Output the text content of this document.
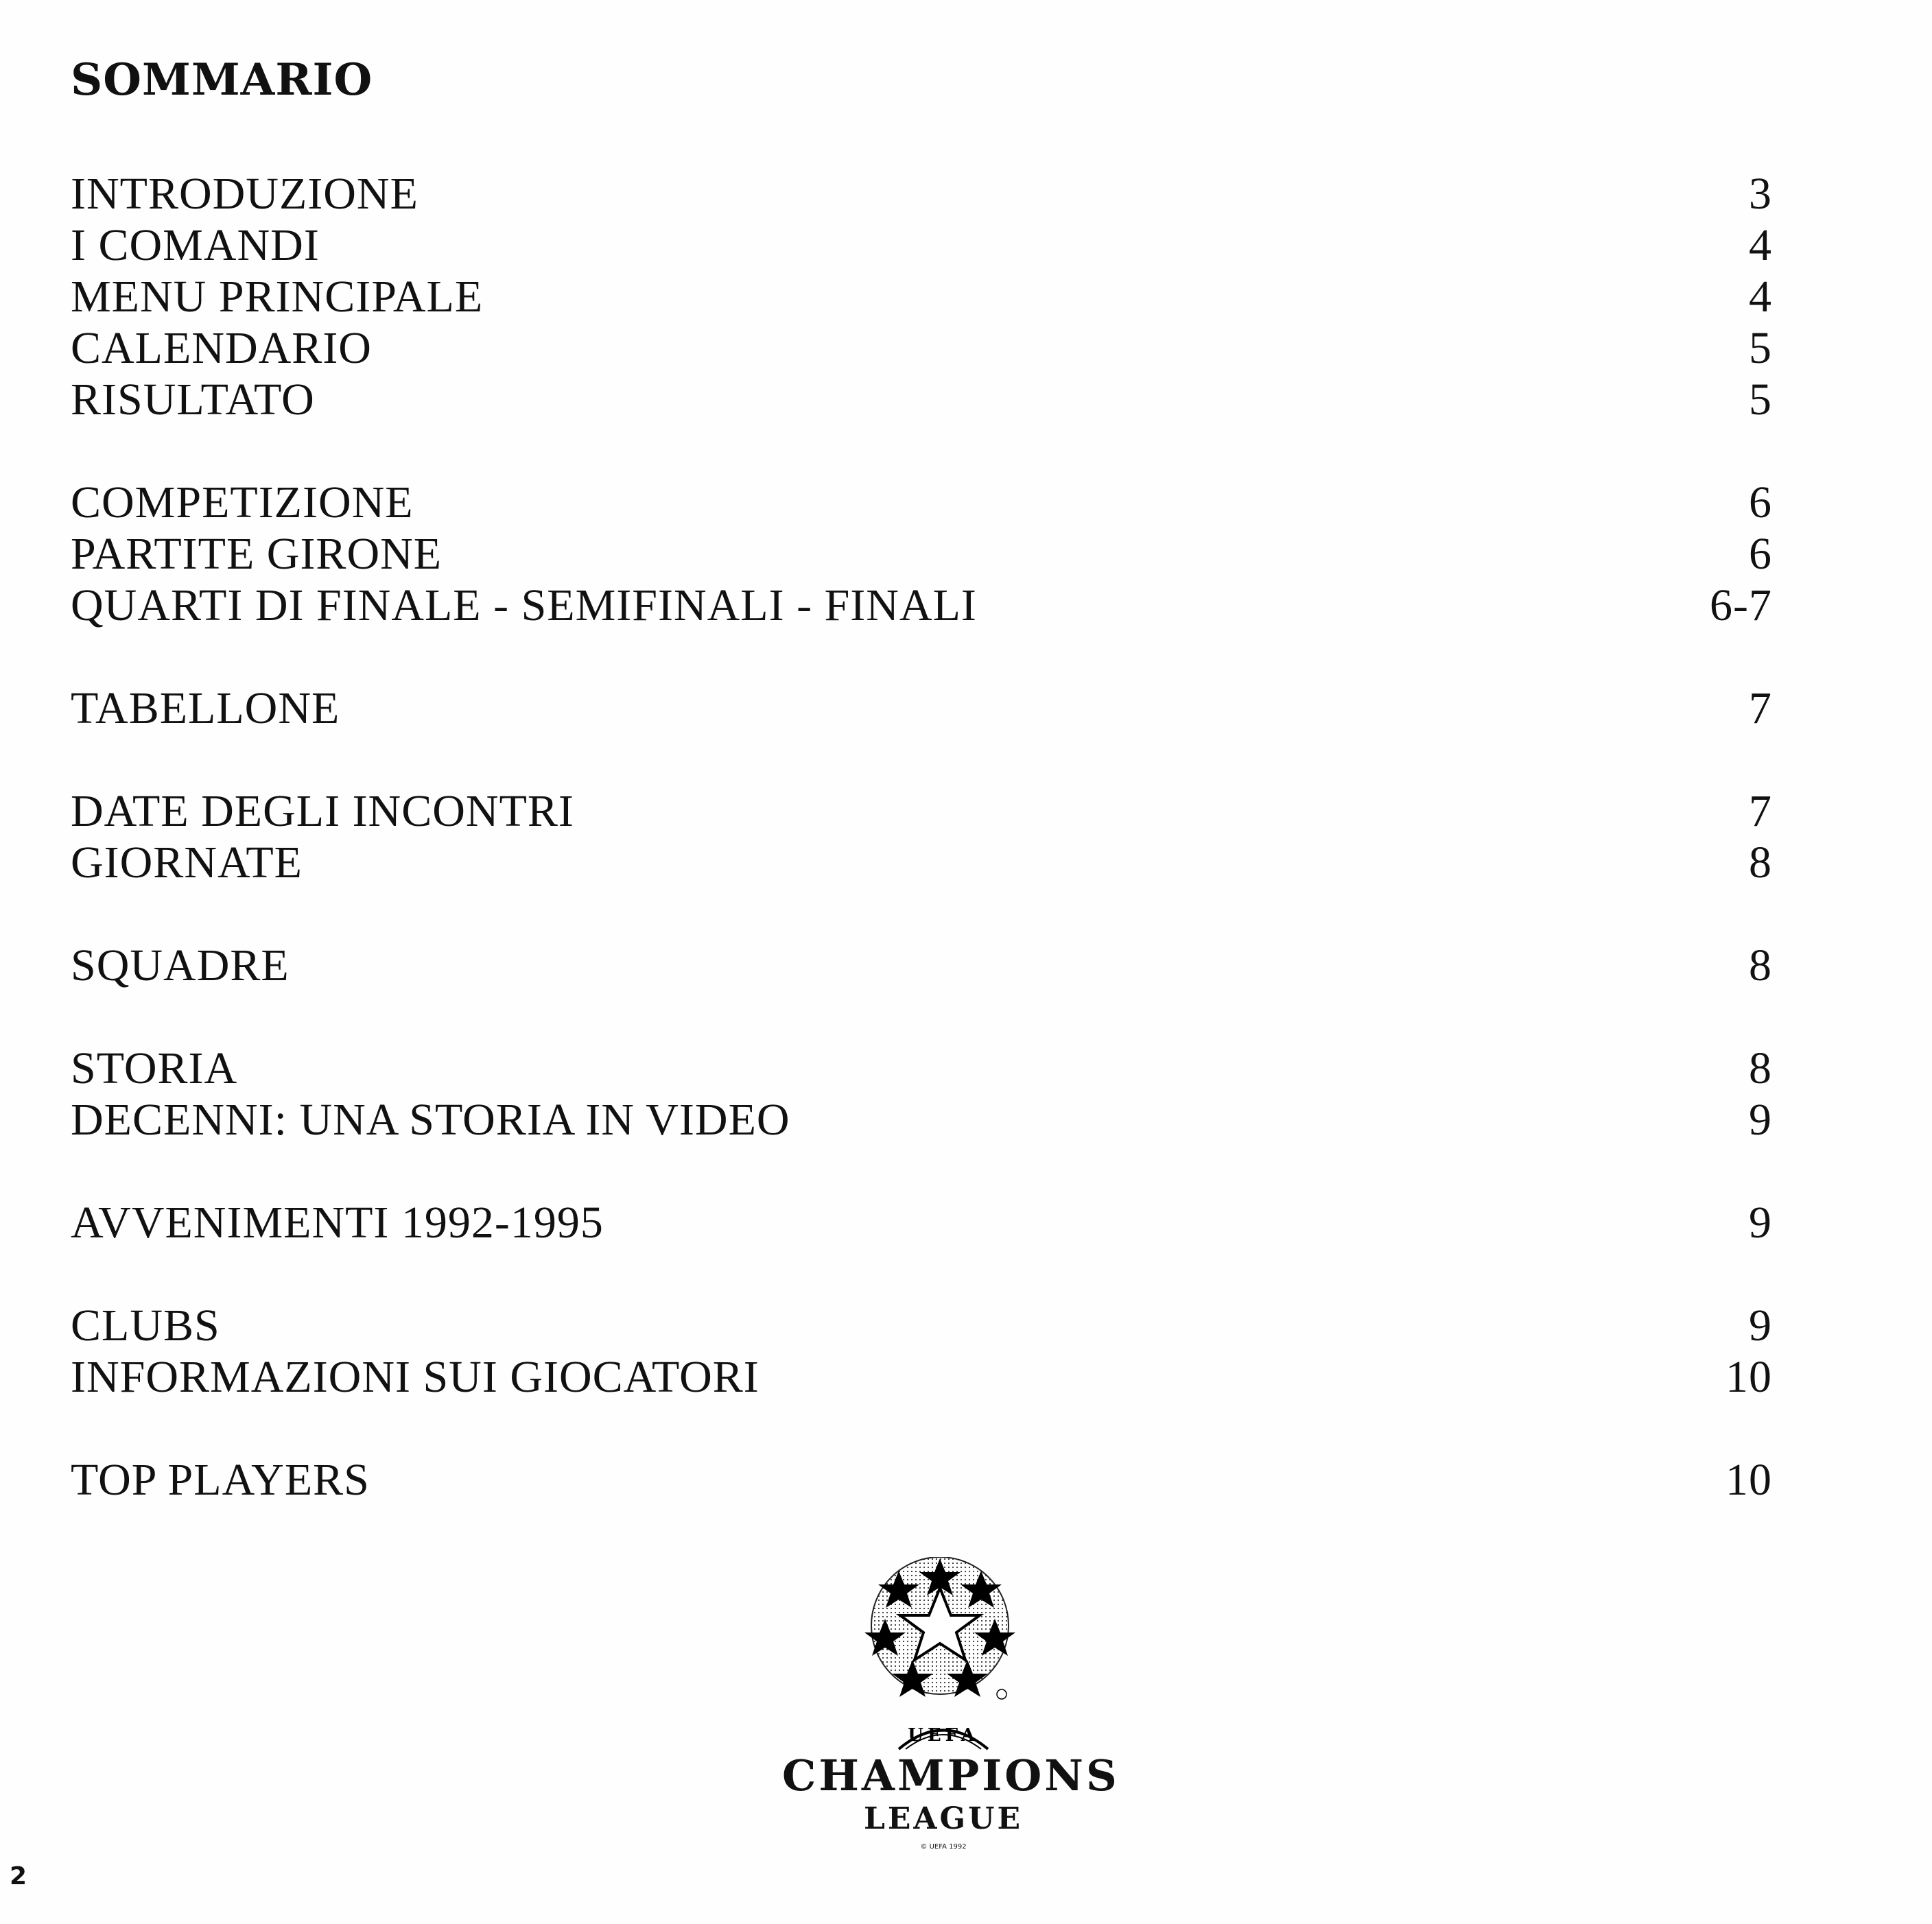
SOMMARIO
INTRODUZIONE	3
I COMANDI	4
MENU PRINCIPALE	4
CALENDARIO	5
RISULTATO	5
COMPETIZIONE	6
PARTITE GIRONE	6
QUARTI DI FINALE - SEMIFINALI - FINALI	6-7
TABELLONE	7
DATE DEGLI INCONTRI	7
GIORNATE	8
SQUADRE	8
STORIA	8
DECENNI: UNA STORIA IN VIDEO	9
AVVENIMENTI 1992-1995	9
CLUBS	9
INFORMAZIONI SUI GIOCATORI	10
TOP PLAYERS	10
UEFA
CHAMPIONS
LEAGUE
© UEFA 1992
2
